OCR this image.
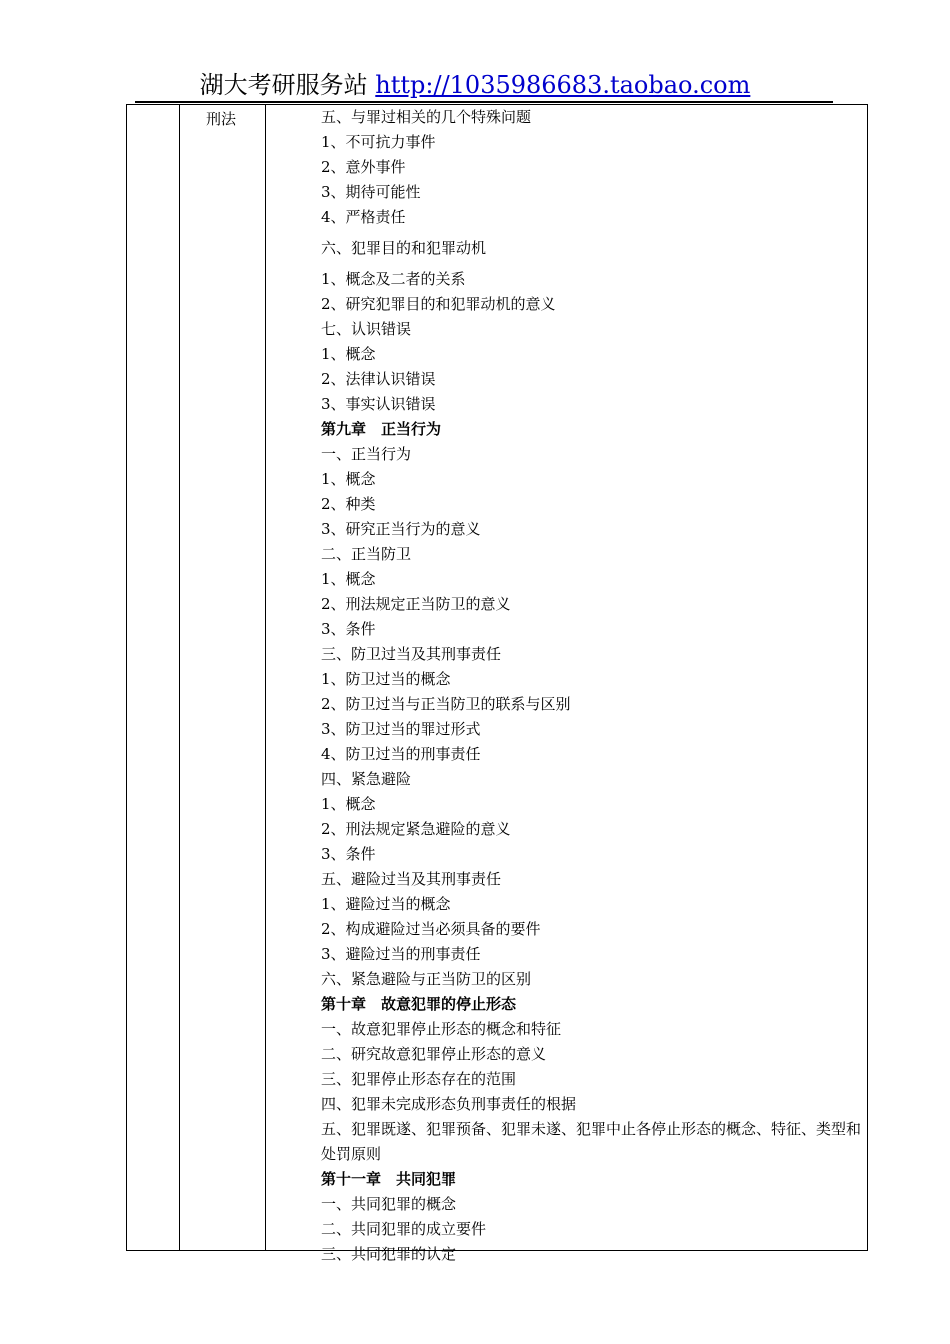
湖大考研服务站 http://1035986683.taobao.com
刑法	五、与罪过相关的几个特殊问题
1、不可抗力事件
2、意外事件
3、期待可能性
4、严格责任
六、犯罪目的和犯罪动机
1、概念及二者的关系
2、研究犯罪目的和犯罪动机的意义
七、认识错误
1、概念
2、法律认识错误
3、事实认识错误
第九章　正当行为
一、正当行为
1、概念
2、种类
3、研究正当行为的意义
二、正当防卫
1、概念
2、刑法规定正当防卫的意义
3、条件
三、防卫过当及其刑事责任
1、防卫过当的概念
2、防卫过当与正当防卫的联系与区别
3、防卫过当的罪过形式
4、防卫过当的刑事责任
四、紧急避险
1、概念
2、刑法规定紧急避险的意义
3、条件
五、避险过当及其刑事责任
1、避险过当的概念
2、构成避险过当必须具备的要件
3、避险过当的刑事责任
六、紧急避险与正当防卫的区别
第十章　故意犯罪的停止形态
一、故意犯罪停止形态的概念和特征
二、研究故意犯罪停止形态的意义
三、犯罪停止形态存在的范围
四、犯罪未完成形态负刑事责任的根据
五、犯罪既遂、犯罪预备、犯罪未遂、犯罪中止各停止形态的概念、特征、类型和处罚原则
第十一章　共同犯罪
一、共同犯罪的概念
二、共同犯罪的成立要件
三、共同犯罪的认定
